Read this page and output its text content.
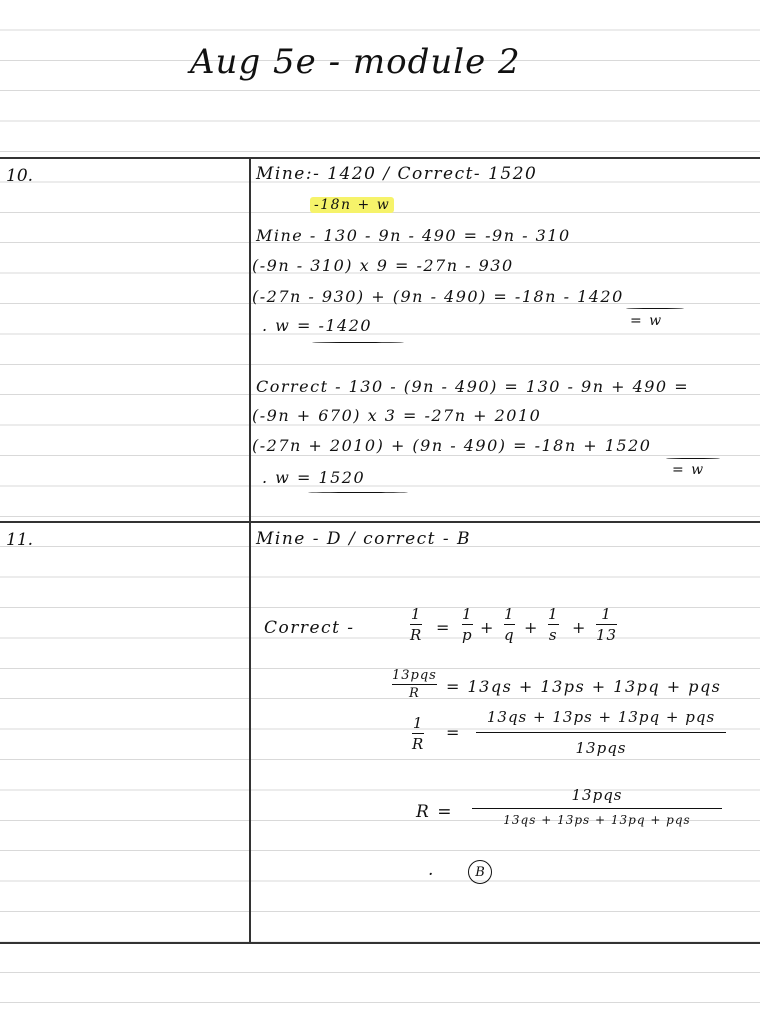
Aug 5e - module 2
10.	Mine:- 1420 / Correct- 1520
-18n + w
Mine - 130 - 9n - 490 = -9n - 310
(-9n - 310) x 9 = -27n - 930
(-27n - 930) + (9n - 490) = -18n - 1420
= w
. w = -1420
Correct - 130 - (9n - 490) = 130 - 9n + 490 =
(-9n + 670) x 3 = -27n + 2010
(-27n + 2010) + (9n - 490) = -18n + 1520
= w
. w = 1520
11.	Mine - D / correct - B
Correct -
1
R =
1
p +
1
q +
1
s +
1
13
13pqs
R = 13qs + 13ps + 13pq + pqs
1
R
=
13qs + 13ps + 13pq + pqs
13pqs
R =
13pqs
13qs + 13ps + 13pq + pqs
.	B
